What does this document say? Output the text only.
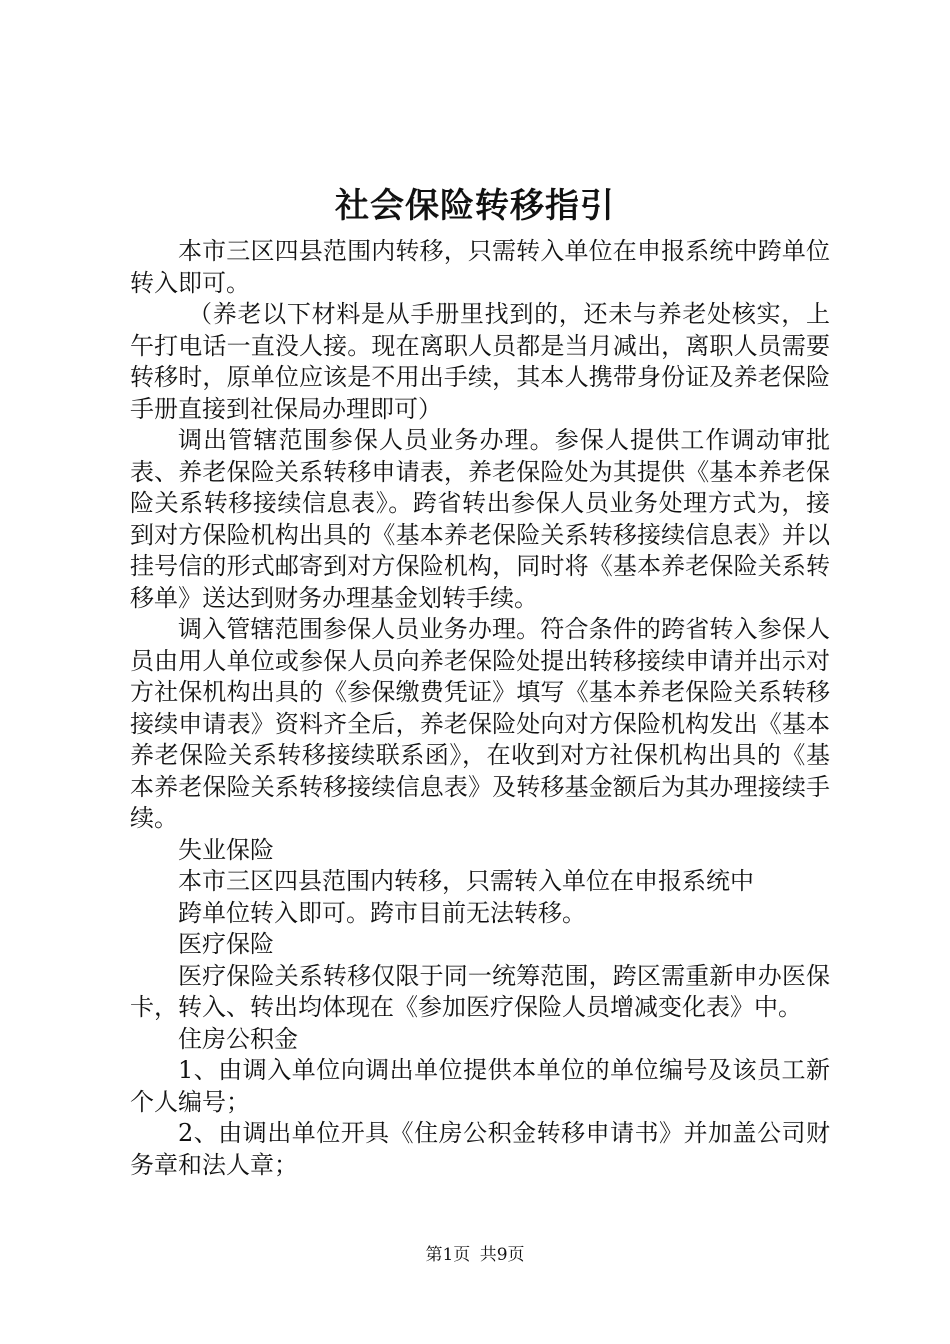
社会保险转移指引

本市三区四县范围内转移，只需转入单位在申报系统中跨单位转入即可。

（养老以下材料是从手册里找到的，还未与养老处核实，上午打电话一直没人接。现在离职人员都是当月减出，离职人员需要转移时，原单位应该是不用出手续，其本人携带身份证及养老保险手册直接到社保局办理即可）

调出管辖范围参保人员业务办理。参保人提供工作调动审批表、养老保险关系转移申请表，养老保险处为其提供《基本养老保险关系转移接续信息表》。跨省转出参保人员业务处理方式为，接到对方保险机构出具的《基本养老保险关系转移接续信息表》并以挂号信的形式邮寄到对方保险机构，同时将《基本养老保险关系转移单》送达到财务办理基金划转手续。

调入管辖范围参保人员业务办理。符合条件的跨省转入参保人员由用人单位或参保人员向养老保险处提出转移接续申请并出示对方社保机构出具的《参保缴费凭证》填写《基本养老保险关系转移接续申请表》资料齐全后，养老保险处向对方保险机构发出《基本养老保险关系转移接续联系函》，在收到对方社保机构出具的《基本养老保险关系转移接续信息表》及转移基金额后为其办理接续手续。

失业保险

本市三区四县范围内转移，只需转入单位在申报系统中

跨单位转入即可。跨市目前无法转移。

医疗保险

医疗保险关系转移仅限于同一统筹范围，跨区需重新申办医保卡，转入、转出均体现在《参加医疗保险人员增减变化表》中。

住房公积金

1、由调入单位向调出单位提供本单位的单位编号及该员工新个人编号；

2、由调出单位开具《住房公积金转移申请书》并加盖公司财务章和法人章；

第1页 共9页
